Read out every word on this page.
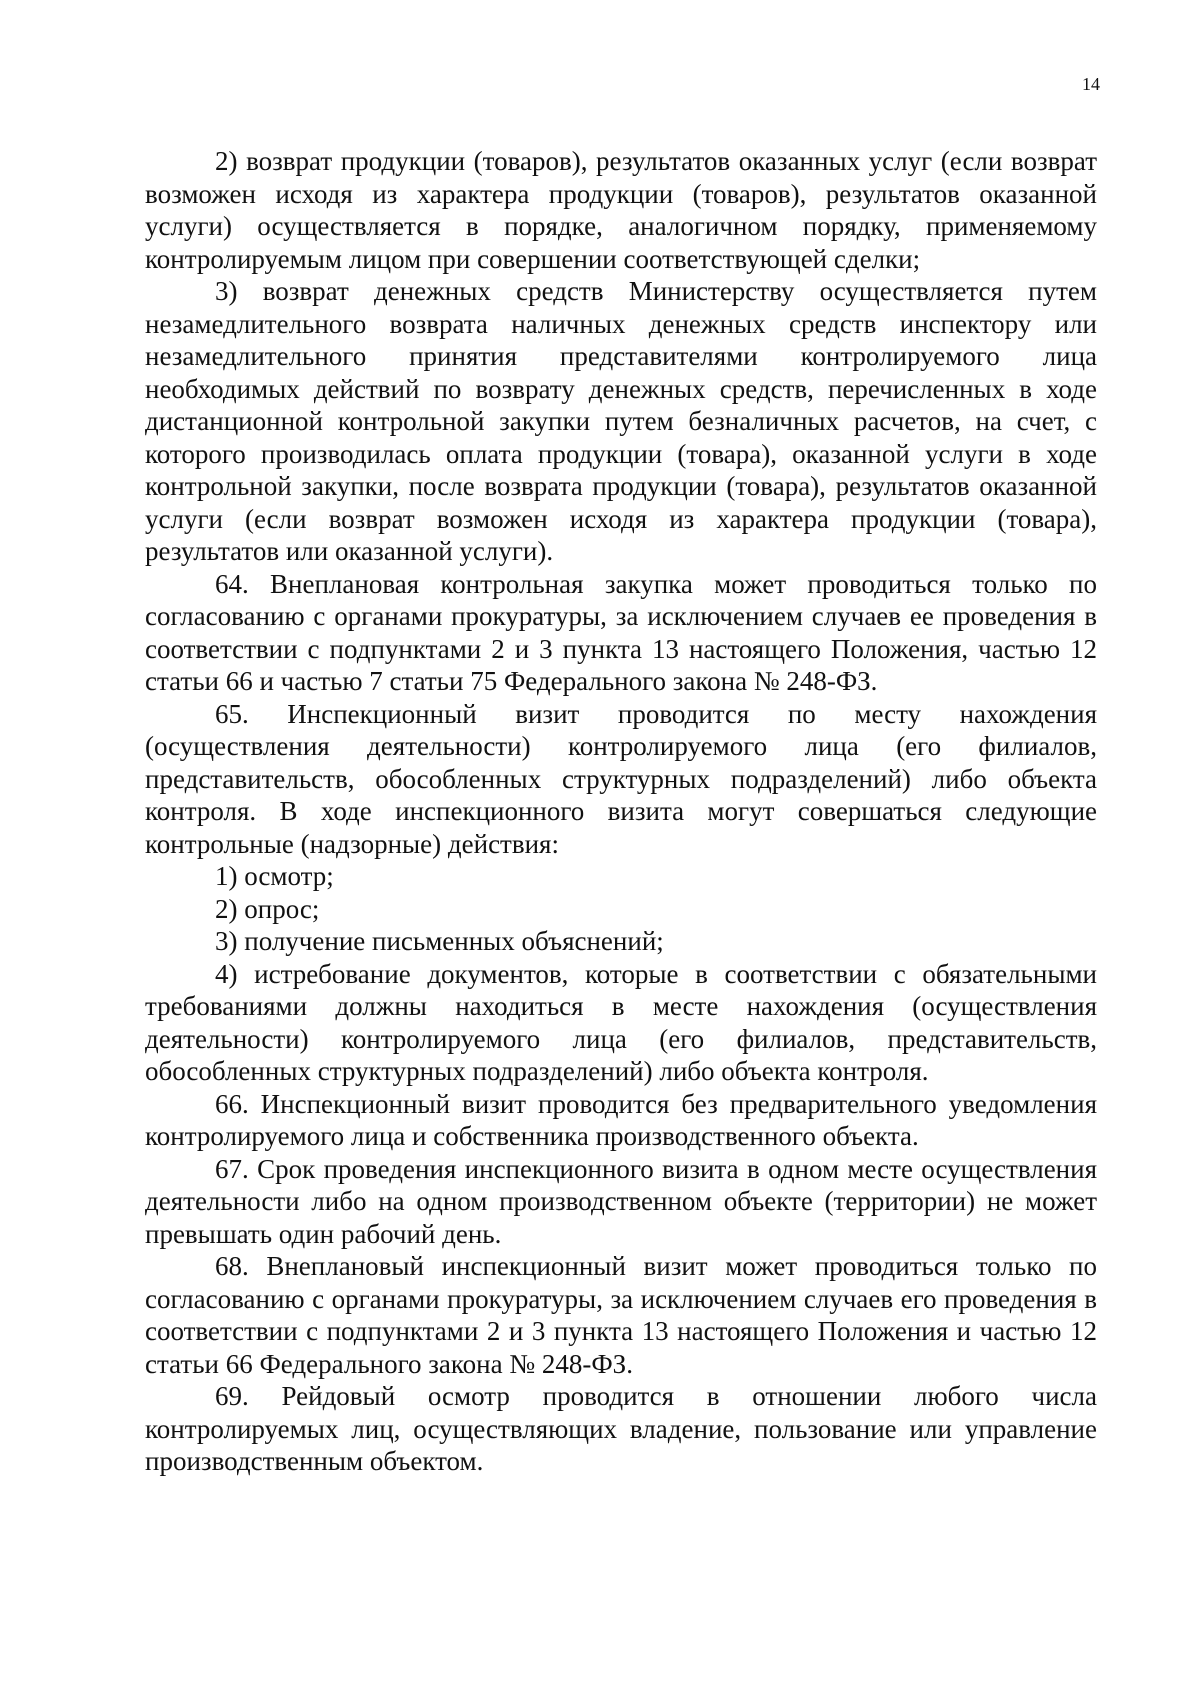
14

2) возврат продукции (товаров), результатов оказанных услуг (если возврат возможен исходя из характера продукции (товаров), результатов оказанной услуги) осуществляется в порядке, аналогичном порядку, применяемому контролируемым лицом при совершении соответствующей сделки;

3) возврат денежных средств Министерству осуществляется путем незамедлительного возврата наличных денежных средств инспектору или незамедлительного принятия представителями контролируемого лица необходимых действий по возврату денежных средств, перечисленных в ходе дистанционной контрольной закупки путем безналичных расчетов, на счет, с которого производилась оплата продукции (товара), оказанной услуги в ходе контрольной закупки, после возврата продукции (товара), результатов оказанной услуги (если возврат возможен исходя из характера продукции (товара), результатов или оказанной услуги).

64. Внеплановая контрольная закупка может проводиться только по согласованию с органами прокуратуры, за исключением случаев ее проведения в соответствии с подпунктами 2 и 3 пункта 13 настоящего Положения, частью 12 статьи 66 и частью 7 статьи 75 Федерального закона № 248-ФЗ.

65. Инспекционный визит проводится по месту нахождения (осуществления деятельности) контролируемого лица (его филиалов, представительств, обособленных структурных подразделений) либо объекта контроля. В ходе инспекционного визита могут совершаться следующие контрольные (надзорные) действия:

1) осмотр;

2) опрос;

3) получение письменных объяснений;

4) истребование документов, которые в соответствии с обязательными требованиями должны находиться в месте нахождения (осуществления деятельности) контролируемого лица (его филиалов, представительств, обособленных структурных подразделений) либо объекта контроля.

66. Инспекционный визит проводится без предварительного уведомления контролируемого лица и собственника производственного объекта.

67. Срок проведения инспекционного визита в одном месте осуществления деятельности либо на одном производственном объекте (территории) не может превышать один рабочий день.

68. Внеплановый инспекционный визит может проводиться только по согласованию с органами прокуратуры, за исключением случаев его проведения в соответствии с подпунктами 2 и 3 пункта 13 настоящего Положения и частью 12 статьи 66 Федерального закона № 248-ФЗ.

69. Рейдовый осмотр проводится в отношении любого числа контролируемых лиц, осуществляющих владение, пользование или управление производственным объектом.
